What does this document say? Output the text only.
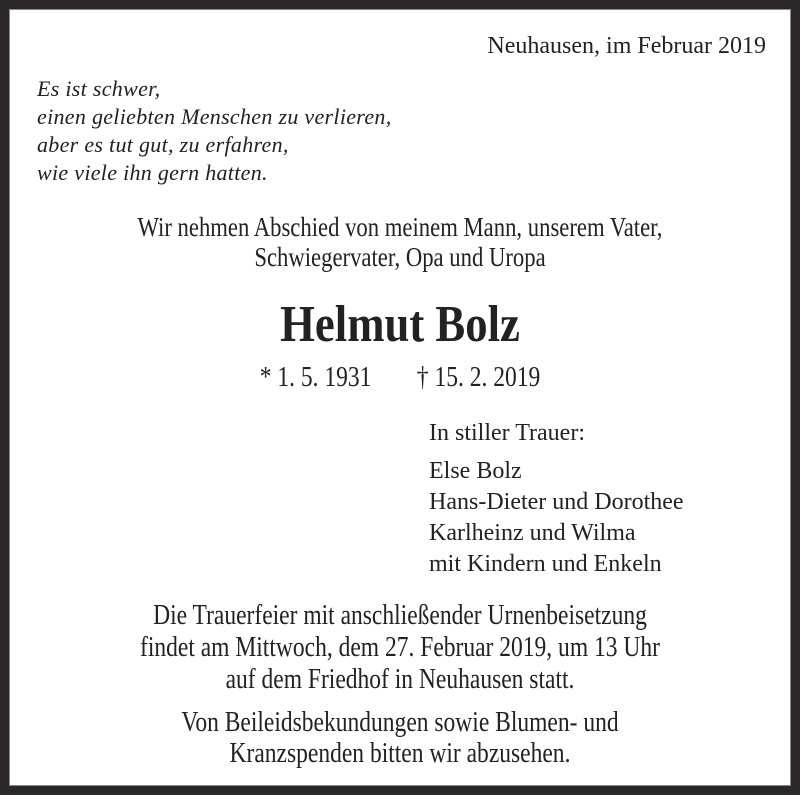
Neuhausen, im Februar 2019
Es ist schwer,
einen geliebten Menschen zu verlieren,
aber es tut gut, zu erfahren,
wie viele ihn gern hatten.
Wir nehmen Abschied von meinem Mann, unserem Vater,
Schwiegervater, Opa und Uropa
Helmut Bolz
* 1. 5. 1931 † 15. 2. 2019
In stiller Trauer:
Else Bolz
Hans-Dieter und Dorothee
Karlheinz und Wilma
mit Kindern und Enkeln
Die Trauerfeier mit anschließender Urnenbeisetzung
findet am Mittwoch, dem 27. Februar 2019, um 13 Uhr
auf dem Friedhof in Neuhausen statt.
Von Beileidsbekundungen sowie Blumen- und
Kranzspenden bitten wir abzusehen.
